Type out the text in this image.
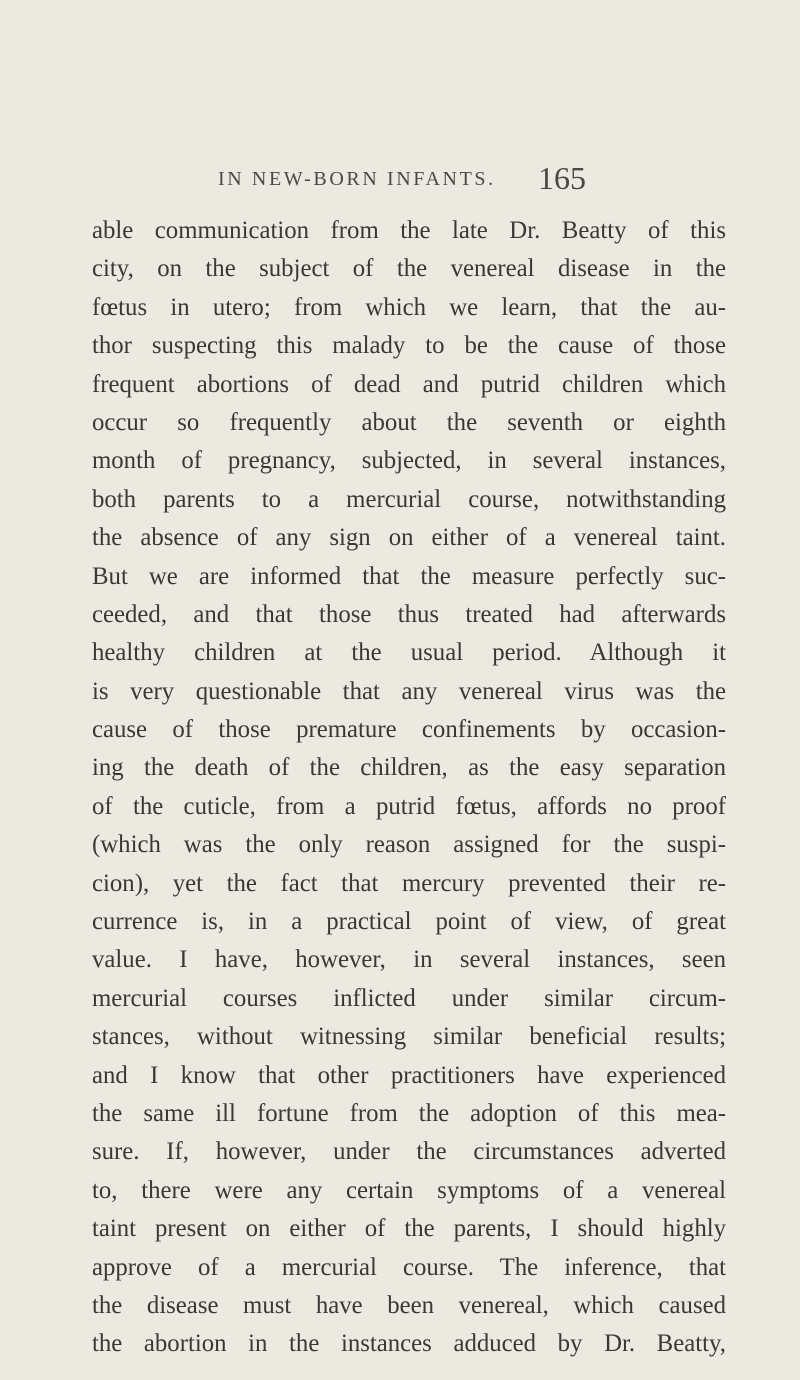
IN NEW-BORN INFANTS. 165
able communication from the late Dr. Beatty of this
city, on the subject of the venereal disease in the
fœtus in utero; from which we learn, that the au-
thor suspecting this malady to be the cause of those
frequent abortions of dead and putrid children which
occur so frequently about the seventh or eighth
month of pregnancy, subjected, in several instances,
both parents to a mercurial course, notwithstanding
the absence of any sign on either of a venereal taint.
But we are informed that the measure perfectly suc-
ceeded, and that those thus treated had afterwards
healthy children at the usual period. Although it
is very questionable that any venereal virus was the
cause of those premature confinements by occasion-
ing the death of the children, as the easy separation
of the cuticle, from a putrid fœtus, affords no proof
(which was the only reason assigned for the suspi-
cion), yet the fact that mercury prevented their re-
currence is, in a practical point of view, of great
value. I have, however, in several instances, seen
mercurial courses inflicted under similar circum-
stances, without witnessing similar beneficial results;
and I know that other practitioners have experienced
the same ill fortune from the adoption of this mea-
sure. If, however, under the circumstances adverted
to, there were any certain symptoms of a venereal
taint present on either of the parents, I should highly
approve of a mercurial course. The inference, that
the disease must have been venereal, which caused
the abortion in the instances adduced by Dr. Beatty,
